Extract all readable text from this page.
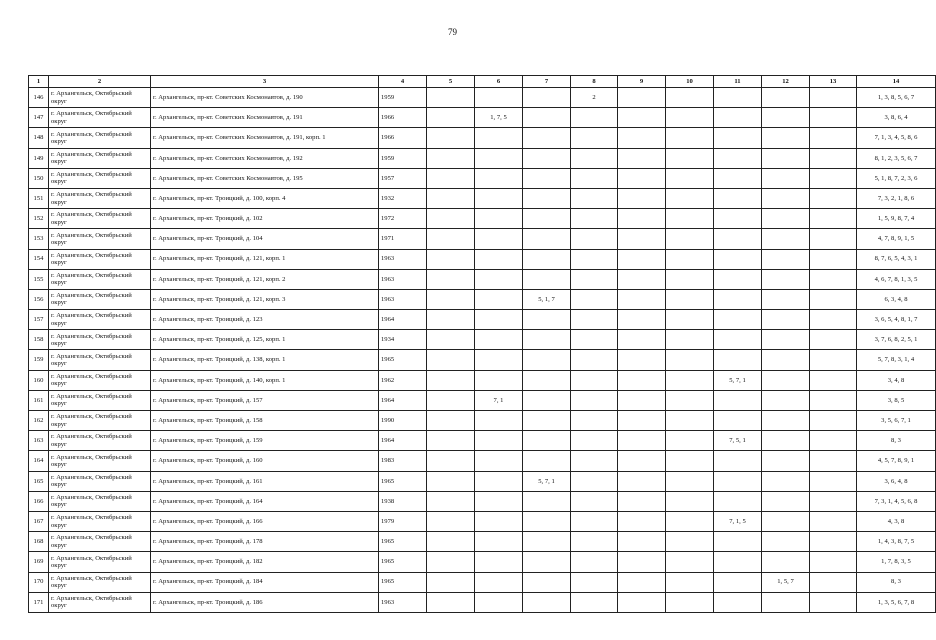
79
1	2	3	4	5	6	7	8	9	10	11	12	13	14
146	г. Архангельск, Октябрьский округ	г. Архангельск, пр-кт. Советских Космонавтов, д. 190	1959				2						1, 3, 8, 5, 6, 7
147	г. Архангельск, Октябрьский округ	г. Архангельск, пр-кт. Советских Космонавтов, д. 191	1966		1, 7, 5								3, 8, 6, 4
148	г. Архангельск, Октябрьский округ	г. Архангельск, пр-кт. Советских Космонавтов, д. 191, корп. 1	1966										7, 1, 3, 4, 5, 8, 6
149	г. Архангельск, Октябрьский округ	г. Архангельск, пр-кт. Советских Космонавтов, д. 192	1959										8, 1, 2, 3, 5, 6, 7
150	г. Архангельск, Октябрьский округ	г. Архангельск, пр-кт. Советских Космонавтов, д. 195	1957										5, 1, 8, 7, 2, 3, 6
151	г. Архангельск, Октябрьский округ	г. Архангельск, пр-кт. Троицкий, д. 100, корп. 4	1932										7, 3, 2, 1, 8, 6
152	г. Архангельск, Октябрьский округ	г. Архангельск, пр-кт. Троицкий, д. 102	1972										1, 5, 9, 8, 7, 4
153	г. Архангельск, Октябрьский округ	г. Архангельск, пр-кт. Троицкий, д. 104	1971										4, 7, 8, 9, 1, 5
154	г. Архангельск, Октябрьский округ	г. Архангельск, пр-кт. Троицкий, д. 121, корп. 1	1963										8, 7, 6, 5, 4, 3, 1
155	г. Архангельск, Октябрьский округ	г. Архангельск, пр-кт. Троицкий, д. 121, корп. 2	1963										4, 6, 7, 8, 1, 3, 5
156	г. Архангельск, Октябрьский округ	г. Архангельск, пр-кт. Троицкий, д. 121, корп. 3	1963			5, 1, 7							6, 3, 4, 8
157	г. Архангельск, Октябрьский округ	г. Архангельск, пр-кт. Троицкий, д. 123	1964										3, 6, 5, 4, 8, 1, 7
158	г. Архангельск, Октябрьский округ	г. Архангельск, пр-кт. Троицкий, д. 125, корп. 1	1934										3, 7, 6, 8, 2, 5, 1
159	г. Архангельск, Октябрьский округ	г. Архангельск, пр-кт. Троицкий, д. 138, корп. 1	1965										5, 7, 8, 3, 1, 4
160	г. Архангельск, Октябрьский округ	г. Архангельск, пр-кт. Троицкий, д. 140, корп. 1	1962							5, 7, 1			3, 4, 8
161	г. Архангельск, Октябрьский округ	г. Архангельск, пр-кт. Троицкий, д. 157	1964		7, 1								3, 8, 5
162	г. Архангельск, Октябрьский округ	г. Архангельск, пр-кт. Троицкий, д. 158	1990										3, 5, 6, 7, 1
163	г. Архангельск, Октябрьский округ	г. Архангельск, пр-кт. Троицкий, д. 159	1964							7, 5, 1			8, 3
164	г. Архангельск, Октябрьский округ	г. Архангельск, пр-кт. Троицкий, д. 160	1983										4, 5, 7, 8, 9, 1
165	г. Архангельск, Октябрьский округ	г. Архангельск, пр-кт. Троицкий, д. 161	1965			5, 7, 1							3, 6, 4, 8
166	г. Архангельск, Октябрьский округ	г. Архангельск, пр-кт. Троицкий, д. 164	1938										7, 3, 1, 4, 5, 6, 8
167	г. Архангельск, Октябрьский округ	г. Архангельск, пр-кт. Троицкий, д. 166	1979							7, 1, 5			4, 3, 8
168	г. Архангельск, Октябрьский округ	г. Архангельск, пр-кт. Троицкий, д. 178	1965										1, 4, 3, 8, 7, 5
169	г. Архангельск, Октябрьский округ	г. Архангельск, пр-кт. Троицкий, д. 182	1965										1, 7, 8, 3, 5
170	г. Архангельск, Октябрьский округ	г. Архангельск, пр-кт. Троицкий, д. 184	1965								1, 5, 7		8, 3
171	г. Архангельск, Октябрьский округ	г. Архангельск, пр-кт. Троицкий, д. 186	1963										1, 3, 5, 6, 7, 8
